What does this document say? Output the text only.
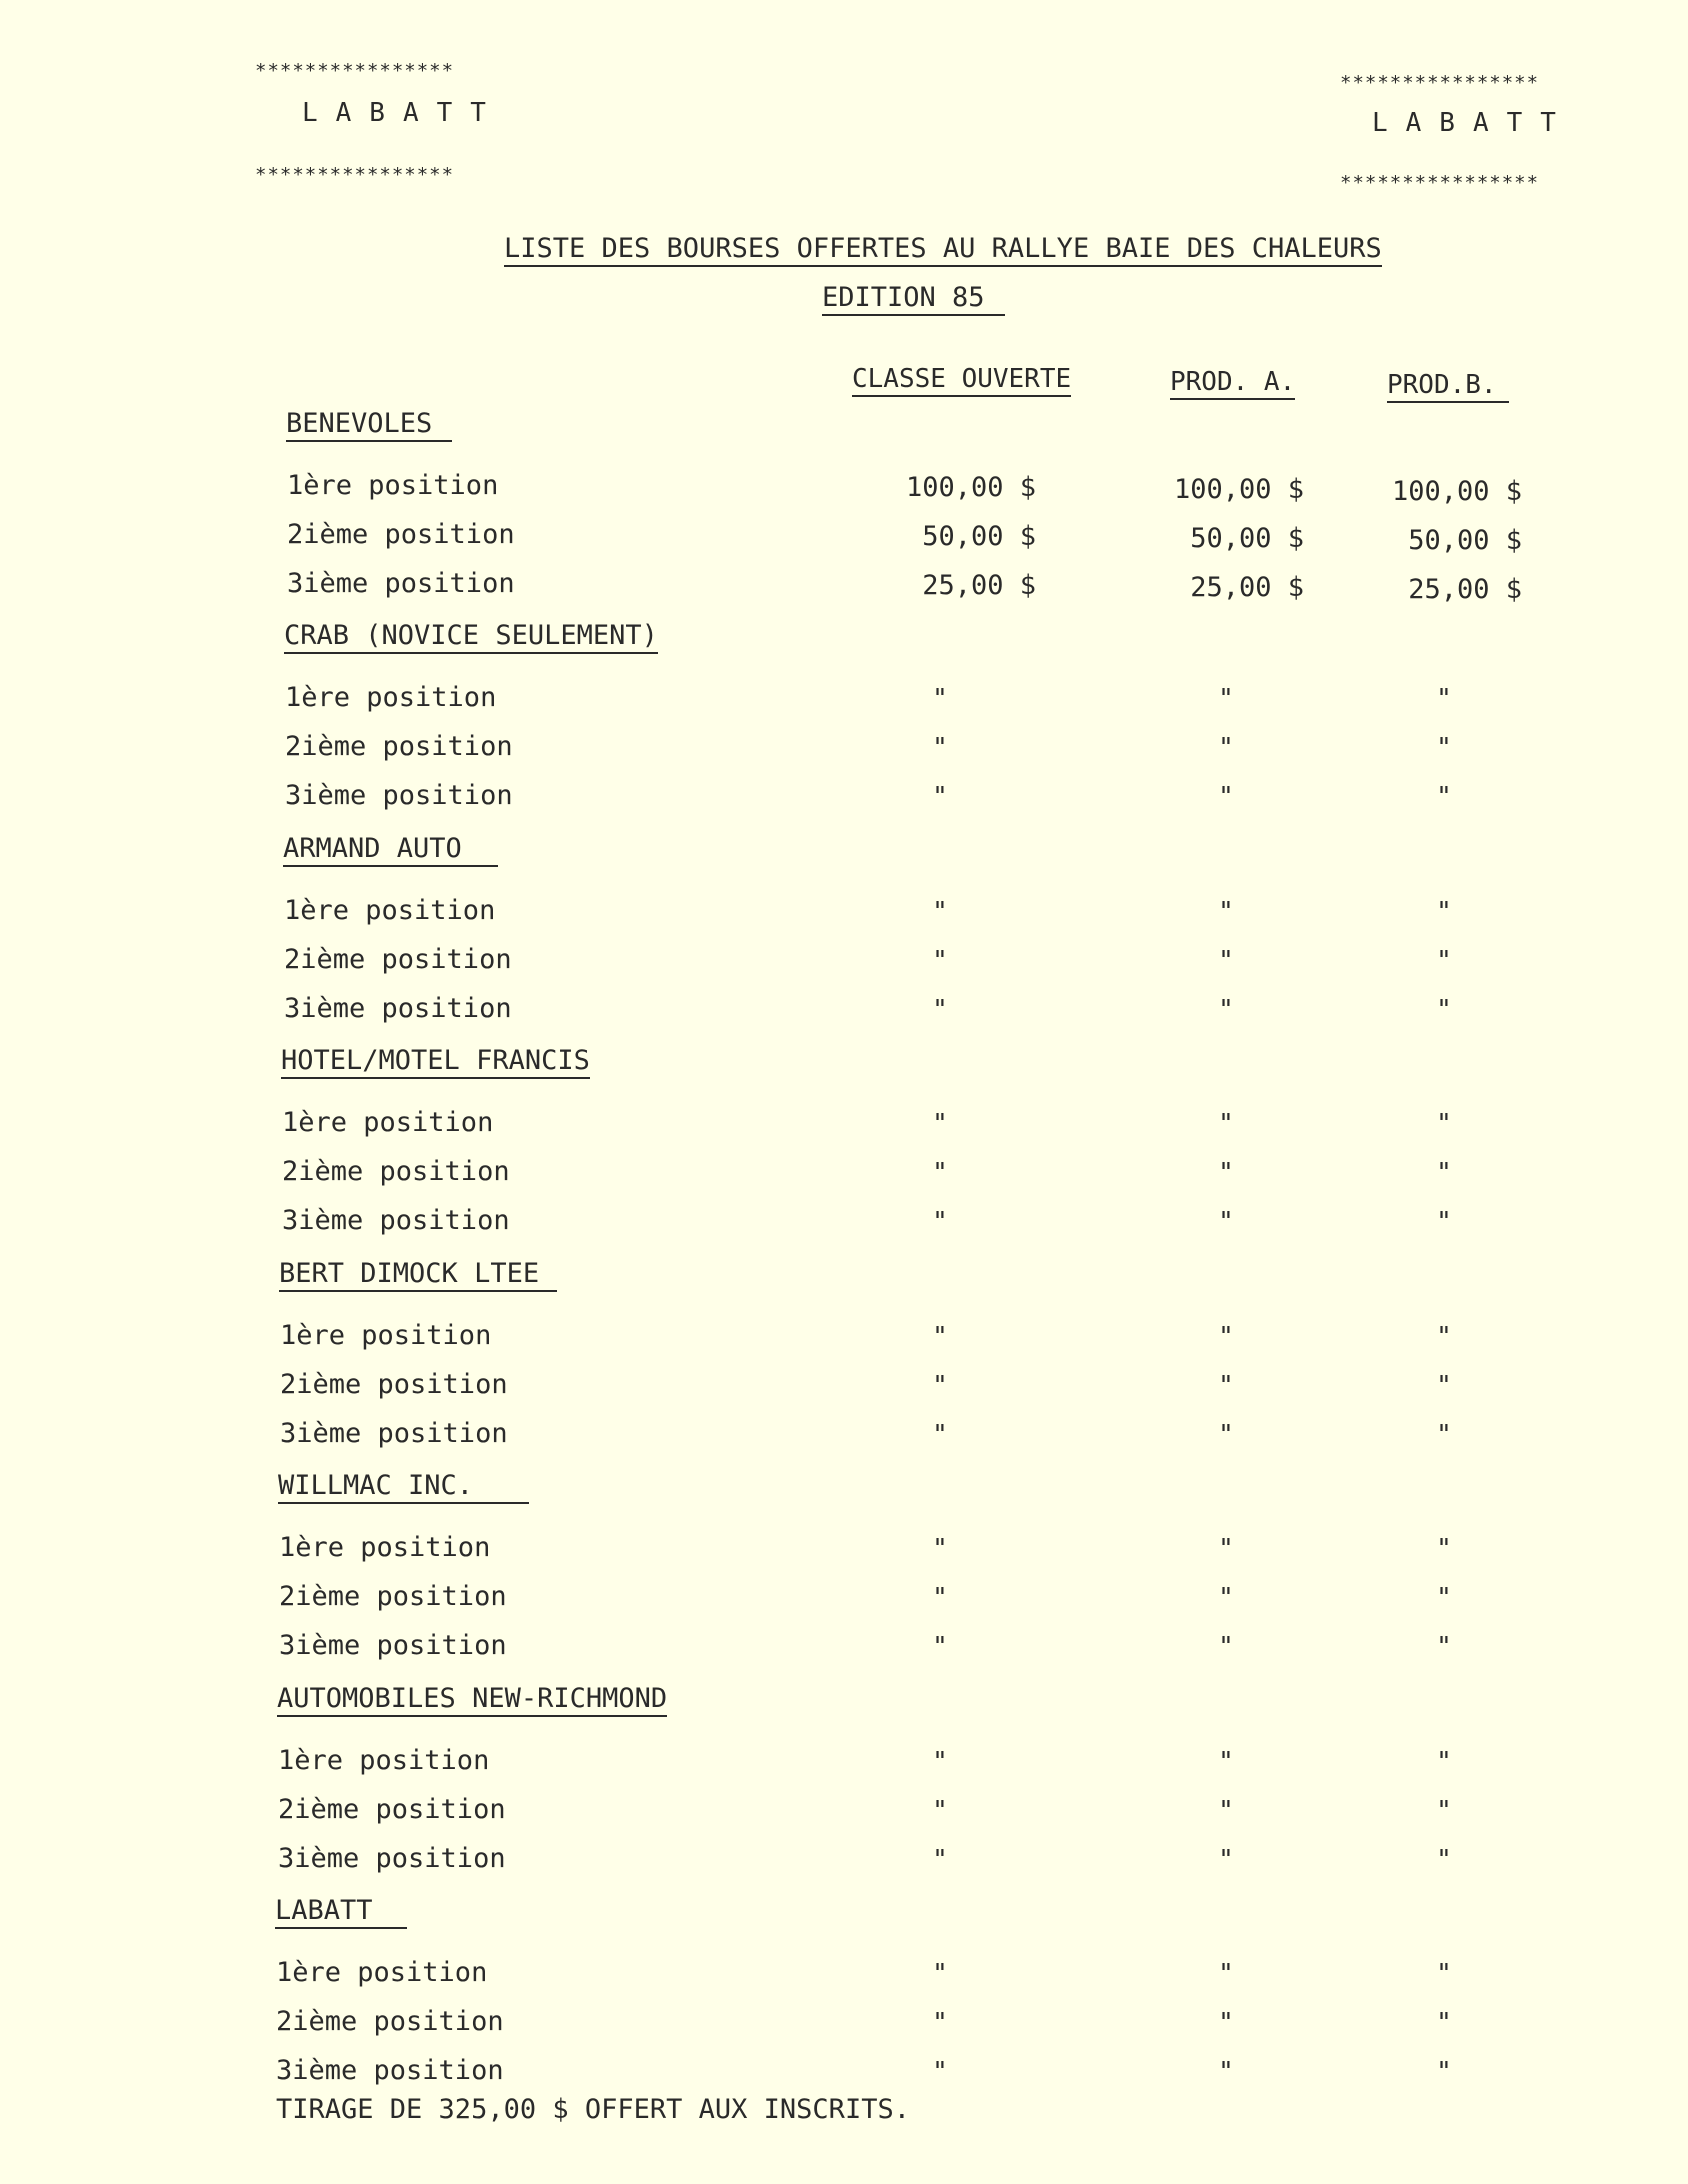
****************
LABATT
****************
****************
LABATT
****************
LISTE DES BOURSES OFFERTES AU RALLYE BAIE DES CHALEURS
EDITION 85
CLASSE OUVERTE	PROD. A.	PROD.B.
BENEVOLES
1ère position	100,00 $	100,00 $	100,00 $
2ième position	50,00 $	50,00 $	50,00 $
3ième position	25,00 $	25,00 $	25,00 $
CRAB (NOVICE SEULEMENT)
1ère position	"	"	"
2ième position	"	"	"
3ième position	"	"	"
ARMAND AUTO
1ère position	"	"	"
2ième position	"	"	"
3ième position	"	"	"
HOTEL/MOTEL FRANCIS
1ère position	"	"	"
2ième position	"	"	"
3ième position	"	"	"
BERT DIMOCK LTEE
1ère position	"	"	"
2ième position	"	"	"
3ième position	"	"	"
WILLMAC INC.
1ère position	"	"	"
2ième position	"	"	"
3ième position	"	"	"
AUTOMOBILES NEW-RICHMOND
1ère position	"	"	"
2ième position	"	"	"
3ième position	"	"	"
LABATT
1ère position	"	"	"
2ième position	"	"	"
3ième position	"	"	"
TIRAGE DE 325,00 $ OFFERT AUX INSCRITS.
